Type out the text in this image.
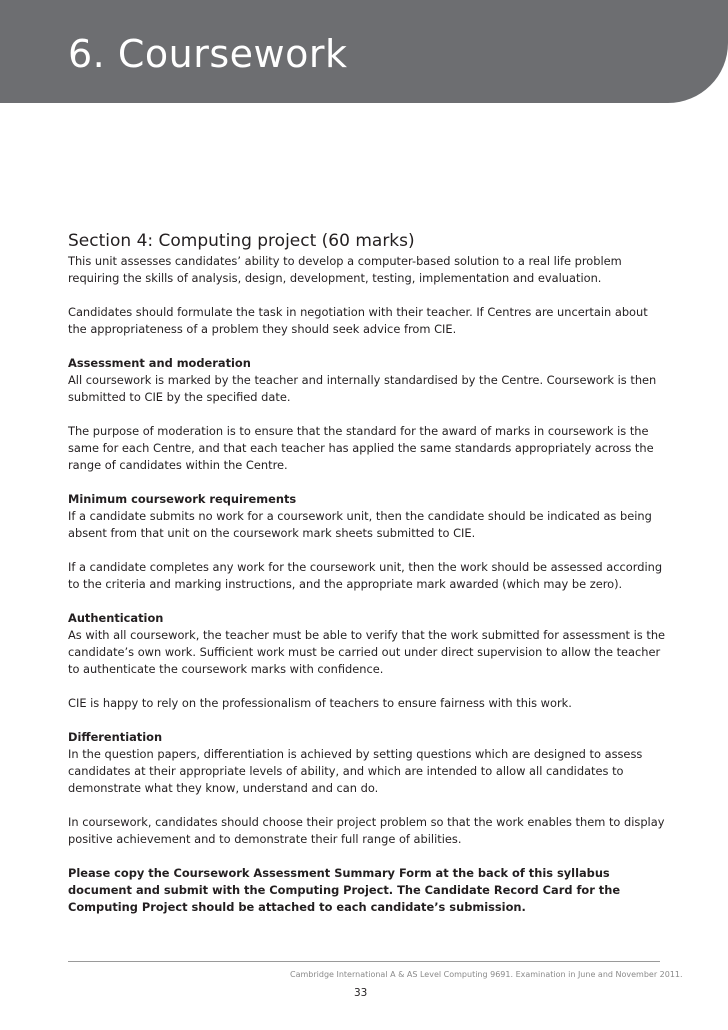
6. Coursework
Section 4: Computing project (60 marks)

This unit assesses candidates’ ability to develop a computer-based solution to a real life problem requiring the skills of analysis, design, development, testing, implementation and evaluation.

Candidates should formulate the task in negotiation with their teacher. If Centres are uncertain about the appropriateness of a problem they should seek advice from CIE.

Assessment and moderation

All coursework is marked by the teacher and internally standardised by the Centre. Coursework is then submitted to CIE by the specified date.

The purpose of moderation is to ensure that the standard for the award of marks in coursework is the same for each Centre, and that each teacher has applied the same standards appropriately across the range of candidates within the Centre.

Minimum coursework requirements

If a candidate submits no work for a coursework unit, then the candidate should be indicated as being absent from that unit on the coursework mark sheets submitted to CIE.

If a candidate completes any work for the coursework unit, then the work should be assessed according to the criteria and marking instructions, and the appropriate mark awarded (which may be zero).

Authentication

As with all coursework, the teacher must be able to verify that the work submitted for assessment is the candidate’s own work. Sufficient work must be carried out under direct supervision to allow the teacher to authenticate the coursework marks with confidence.

CIE is happy to rely on the professionalism of teachers to ensure fairness with this work.

Differentiation

In the question papers, differentiation is achieved by setting questions which are designed to assess candidates at their appropriate levels of ability, and which are intended to allow all candidates to demonstrate what they know, understand and can do.

In coursework, candidates should choose their project problem so that the work enables them to display positive achievement and to demonstrate their full range of abilities.

Please copy the Coursework Assessment Summary Form at the back of this syllabus document and submit with the Computing Project. The Candidate Record Card for the Computing Project should be attached to each candidate’s submission.

Cambridge International A & AS Level Computing 9691. Examination in June and November 2011.
33
